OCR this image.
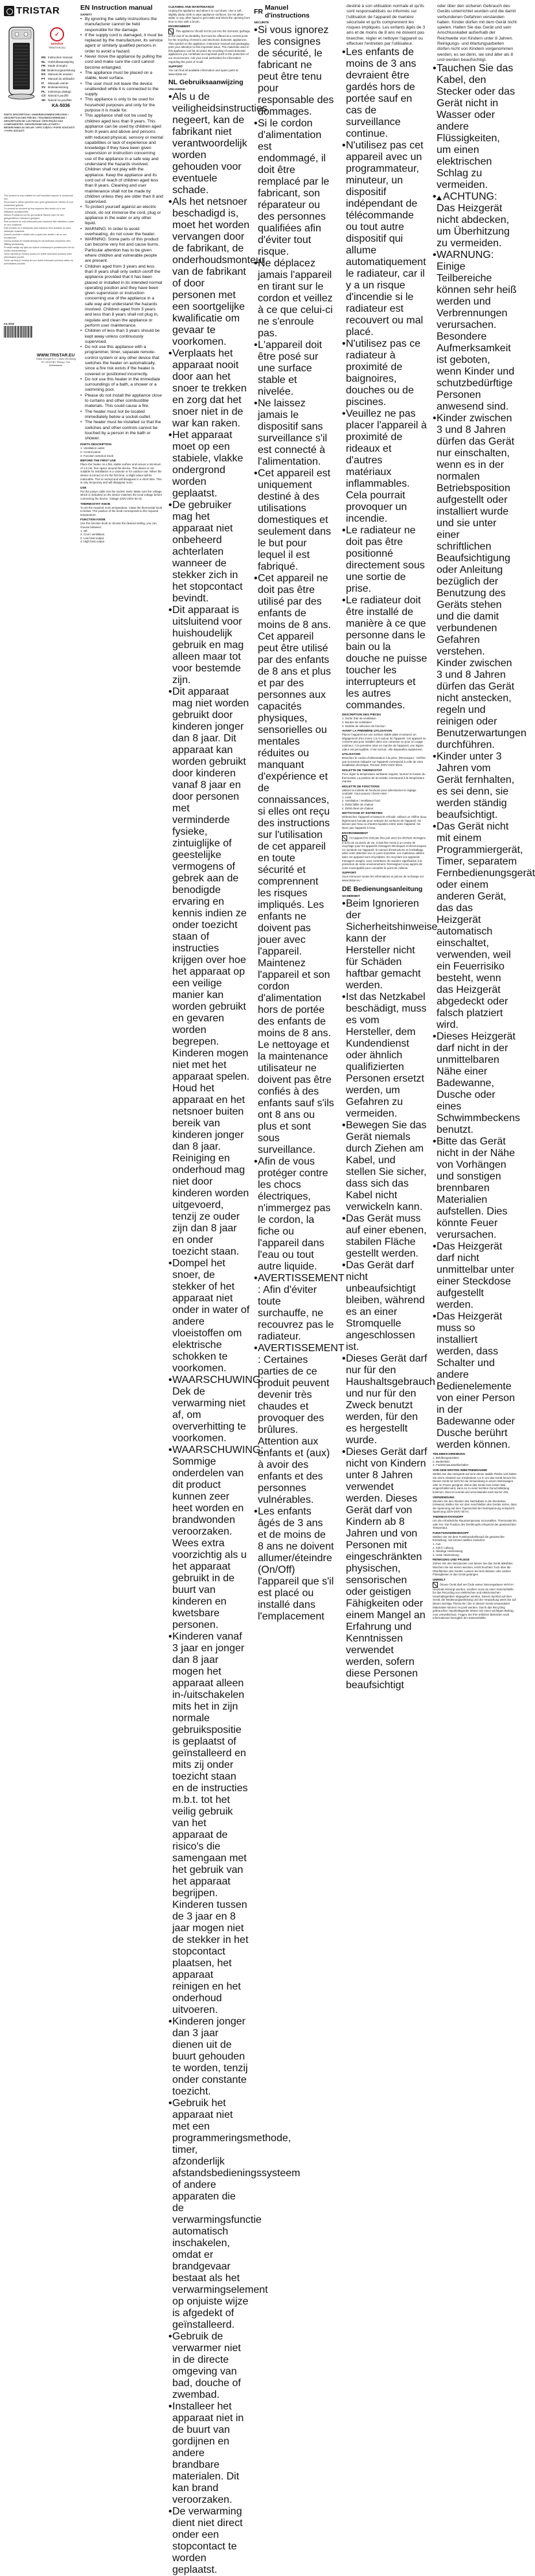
TRISTAR
✓
service
TRISTAR.EU
EN Instruction manual
NL Gebruiksaanwijzing
FR Mode d'emploi
DE Bedienungsanleitung
ES Manual de usuario
PT Manual do utilizador
IT	Manuale utente
SV Bruksanvisning
PL Instrukcja obsługi
CS Návod k použití
SK Návod na použitie
KA-5036
PARTS DESCRIPTION / ONDERDELENBESCHRIJVING / DESCRIPTION DES PIÈCES / TEILEBESCHREIBUNG / DESCRIPCIÓN DE LAS PIEZAS / DESCRIÇÃO DAS COMPONENTES / DESCRIZIONE DELLE PARTI / BESKRIVNING AV DELAR / OPIS CZĘŚCI / POPIS SOUČÁSTÍ / POPIS SÚČASTÍ
This product is only suitable for well insulated spaces or occasional use.
Dit product is alleen geschikt voor goed geïsoleerde ruimtes of voor incidenteel gebruik.
Ce produit ne convient qu'aux espaces bien isolés ou à une utilisation occasionnelle.
Dieses Produkt ist nur für gut isolierte Räume oder für den gelegentlichen Gebrauch geeignet.
Este producto es solo adecuado para espacios bien aislados o para un uso ocasional.
Este produto só é adequado para espaços bem isolados ou para utilização ocasional.
Questo prodotto è adatto solo a spazi ben isolati o ad un uso occasionale.
Denna produkt är endast lämplig för väl isolerade utrymmen eller tillfällig användning.
Produkt nadaje się tylko do dobrze izolowanych pomieszczeń lub do użytku okazjonalnego.
Tento výrobek je vhodný pouze pro dobře izolované prostory nebo příležitostné použití.
Tento výrobok je vhodný len pre dobre izolované priestory alebo na príležitostné použitie.
KA-5036
WWW.TRISTAR.EU
Tristar Europe B.V. | Jules Verneweg 87 | 5015 BH Tilburg | The Netherlands
EN Instruction manual
SAFETY
• By ignoring the safety instructions the manufacturer cannot be held responsible for the damage.
• If the supply cord is damaged, it must be replaced by the manufacturer, its service agent or similarly qualified persons in order to avoid a hazard.
• Never move the appliance by pulling the cord and make sure the cord cannot become entangled.
• The appliance must be placed on a stable, level surface.
• The user must not leave the device unattended while it is connected to the supply.
• This appliance is only to be used for household purposes and only for the purpose it is made for.
• This appliance shall not be used by children aged less than 8 years. This appliance can be used by children aged from 8 years and above and persons with reduced physical, sensory or mental capabilities or lack of experience and knowledge if they have been given supervision or instruction concerning use of the appliance in a safe way and understand the hazards involved. Children shall not play with the appliance. Keep the appliance and its cord out of reach of children aged less than 8 years. Cleaning and user maintenance shall not be made by children unless they are older than 8 and supervised.
• To protect yourself against an electric shock, do not immerse the cord, plug or appliance in the water or any other liquid.
• WARNING: In order to avoid overheating, do not cover the heater.
• WARNING: Some parts of this product can become very hot and cause burns. Particular attention has to be given where children and vulnerable people are present.
• Children aged from 3 years and less than 8 years shall only switch on/off the appliance provided that it has been placed or installed in its intended normal operating position and they have been given supervision or instruction concerning use of the appliance in a safe way and understand the hazards involved. Children aged from 3 years and less than 8 years shall not plug in, regulate and clean the appliance or perform user maintenance.
• Children of less than 3 years should be kept away unless continuously supervised.
• Do not use this appliance with a programmer, timer, separate remote-control system or any other device that switches the heater on automatically, since a fire risk exists if the heater is covered or positioned incorrectly.
• Do not use this heater in the immediate surroundings of a bath, a shower or a swimming pool.
• Please do not install the appliance close to curtains and other combustible materials. This could cause a fire.
• The heater must not be located immediately below a socket-outlet.
• The heater must be installed so that the switches and other controls cannot be touched by a person in the bath or shower.
PARTS DESCRIPTION
1. Ventilation outlet
2. Control panel
3. Function selection knob
BEFORE THE FIRST USE
Place the heater on a flat, stable surface and ensure a minimum of 1.5 mtr. free space around the device. This device is not suitable for installation in a caravan or for outdoor use. When the device is turned on for the first time, a slight odour will be noticeable. This is normal and will disappear in a short time. This is only temporary and will disappear soon.
USE
Put the power cable into the socket. Note: Make sure the voltage which is indicated on the device matches the local voltage before connecting the device. Voltage 220V-240V 50 Hz.
THERMOSTAT KNOB
To set the required room temperature, rotate the thermostat knob to below. The position of the knob corresponds to the required temperature.
FUNCTION KNOB
Use the function knob to choose the desired setting, you can choose between:
1. Off
2. Cool / ventilation
3. Low heat output
4. High heat output
CLEANING AND MAINTENANCE
Unplug the appliance and allow it to cool down. Use a soft, slightly damp cloth to wipe appliance surfaces. Do not allow water or any other liquid to get inside and block the opening from time to time with a brush.
ENVIRONMENT
This appliance should not be put into the domestic garbage at the end of its durability, but must be offered at a central point for the recycling of electric and electronic domestic appliances. This symbol on the appliance, instruction manual and packaging puts your attention to this important issue. The materials used in this appliance can be recycled. By recycling of used domestic appliances you contribute an important push to the protection of our environment. Ask your local authorities for information regarding the point of recall.
SUPPORT
You can find all available information and spare parts at www.tristar.eu!
NL Gebruiksaanwijzing
VEILIGHEID
• Als u de veiligheidsinstructies negeert, kan de fabrikant niet verantwoordelijk worden gehouden voor eventuele schade.
• Als het netsnoer beschadigd is, moet het worden vervangen door de fabrikant, de onderhoudsmonteur van de fabrikant of door personen met een soortgelijke kwalificatie om gevaar te voorkomen.
• Verplaats het apparaat nooit door aan het snoer te trekken en zorg dat het snoer niet in de war kan raken.
• Het apparaat moet op een stabiele, vlakke ondergrond worden geplaatst.
• De gebruiker mag het apparaat niet onbeheerd achterlaten wanneer de stekker zich in het stopcontact bevindt.
• Dit apparaat is uitsluitend voor huishoudelijk gebruik en mag alleen maar tot voor bestemde zijn.
• Dit apparaat mag niet worden gebruikt door kinderen jonger dan 8 jaar. Dit apparaat kan worden gebruikt door kinderen vanaf 8 jaar en door personen met verminderde fysieke, zintuiglijke of geestelijke vermogens of gebrek aan de benodigde ervaring en kennis indien ze onder toezicht staan of instructies krijgen over hoe het apparaat op een veilige manier kan worden gebruikt en gevaren worden begrepen. Kinderen mogen niet met het apparaat spelen. Houd het apparaat en het netsnoer buiten bereik van kinderen jonger dan 8 jaar. Reiniging en onderhoud mag niet door kinderen worden uitgevoerd, tenzij ze ouder zijn dan 8 jaar en onder toezicht staan.
• Dompel het snoer, de stekker of het apparaat niet onder in water of andere vloeistoffen om elektrische schokken te voorkomen.
• WAARSCHUWING: Dek de verwarming niet af, om oververhitting te voorkomen.
• WAARSCHUWING: Sommige onderdelen van dit product kunnen zeer heet worden en brandwonden veroorzaken. Wees extra voorzichtig als u het apparaat gebruikt in de buurt van kinderen en kwetsbare personen.
• Kinderen vanaf 3 jaar en jonger dan 8 jaar mogen het apparaat alleen in-/uitschakelen mits het in zijn normale gebruikspositie is geplaatst of geïnstalleerd en mits zij onder toezicht staan en de instructies m.b.t. tot het veilig gebruik van het apparaat de risico's die samengaan met het gebruik van het apparaat begrijpen. Kinderen tussen de 3 jaar en 8 jaar mogen niet de stekker in het stopcontact plaatsen, het apparaat reinigen en het onderhoud uitvoeren.
• Kinderen jonger dan 3 jaar dienen uit de buurt gehouden te worden, tenzij onder constante toezicht.
• Gebruik het apparaat niet met een programmeringsmethode, timer, afzonderlijk afstandsbedieningssysteem of andere apparaten die de verwarmingsfunctie automatisch inschakelen, omdat er brandgevaar bestaat als het verwarmingselement op onjuiste wijze is afgedekt of geïnstalleerd.
• Gebruik de verwarmer niet in de directe omgeving van bad, douche of zwembad.
• Installeer het apparaat niet in de buurt van gordijnen en andere brandbare materialen. Dit kan brand veroorzaken.
• De verwarming dient niet direct onder een stopcontact te worden geplaatst.
FR Manuel d'instructions
SÉCURITÉ
• Si vous ignorez les consignes de sécurité, le fabricant ne peut être tenu pour responsable des dommages.
• Si le cordon d'alimentation est endommagé, il doit être remplacé par le fabricant, son réparateur ou des personnes qualifiées afin d'éviter tout risque.
• Ne déplacez jamais l'appareil en tirant sur le cordon et veillez à ce que celui-ci ne s'enroule pas.
• L'appareil doit être posé sur une surface stable et nivelée.
• Ne laissez jamais le dispositif sans surveillance s'il est connecté à l'alimentation.
• Cet appareil est uniquement destiné à des utilisations domestiques et seulement dans le but pour lequel il est fabriqué.
• Cet appareil ne doit pas être utilisé par des enfants de moins de 8 ans. Cet appareil peut être utilisé par des enfants de 8 ans et plus et par des personnes aux capacités physiques, sensorielles ou mentales réduites ou manquant d'expérience et de connaissances, si elles ont reçu des instructions sur l'utilisation de cet appareil en toute sécurité et comprennent les risques impliqués. Les enfants ne doivent pas jouer avec l'appareil. Maintenez l'appareil et son cordon d'alimentation hors de portée des enfants de moins de 8 ans. Le nettoyage et la maintenance utilisateur ne doivent pas être confiés à des enfants sauf s'ils ont 8 ans ou plus et sont sous surveillance.
• Afin de vous protéger contre les chocs électriques, n'immergez pas le cordon, la fiche ou l'appareil dans l'eau ou tout autre liquide.
• AVERTISSEMENT : Afin d'éviter toute surchauffe, ne recouvrez pas le radiateur.
• AVERTISSEMENT : Certaines parties de ce produit peuvent devenir très chaudes et provoquer des brûlures. Attention aux enfants et (aux) à avoir des enfants et des personnes vulnérables.
• Les enfants âgés de 3 ans et de moins de 8 ans ne doivent allumer/éteindre (On/Off) l'appareil que s'il est placé ou installé dans l'emplacement
destiné à son utilisation normale et qu'ils sont responsabilisés ou informés sur l'utilisation de l'appareil de manière sécurisée et qu'ils comprennent les risques impliqués. Les enfants âgés de 3 ans et de moins de 8 ans ne doivent pas brancher, régler et nettoyer l'appareil ou effectuer l'entretien par l'utilisateur.
• Les enfants de moins de 3 ans devraient être gardés hors de portée sauf en cas de surveillance continue.
• N'utilisez pas cet appareil avec un programmateur, minuteur, un dispositif indépendant de télécommande ou tout autre dispositif qui allume automatiquement le radiateur, car il y a un risque d'incendie si le radiateur est recouvert ou mal placé.
• N'utilisez pas ce radiateur à proximité de baignoires, douches ou de piscines.
• Veuillez ne pas placer l'appareil à proximité de rideaux et d'autres matériaux inflammables. Cela pourrait provoquer un incendie.
• Le radiateur ne doit pas être positionné directement sous une sortie de prise.
• Le radiateur doit être installé de manière à ce que personne dans le bain ou la douche ne puisse toucher les interrupteurs et les autres commandes.
DESCRIPTION DES PIÈCES
1. Sortie d'air de ventilation
2. Bouton de ventilation
3. Molette de sélection de fonction
AVANT LA PREMIÈRE UTILISATION
Placez l'appareil sur une surface stable plate et assurez un dégagement d'au moins 1,5 m autour de l'appareil. Cet appareil ne convient pas pour installer dans une caravane ou pour un usage extérieur. À la première mise en marche de l'appareil, une légère odeur est perceptible. C'est normal ; elle disparaîtra rapidement.
UTILISATION
Branchez le cordon d'alimentation à la prise. (Remarque) : Vérifiez que la tension indiquée sur l'appareil correspond à celle de votre installation électrique. Tension 220V-240V 50Hz.
MOLETTE DE THERMOSTAT
Pour régler la température ambiante requise, tournez le bouton du thermostat. La position de la molette correspond à la température requise.
MOLETTE DE FONCTIONS
Utilisez la molette de fonctions pour sélectionner le réglage souhaité. Vous pouvez choisir entre :
1. Arrêt
2. Ventilation / ventilateur froid
3. Débit faible de chaleur
4. Débit élevé de chaleur
NETTOYAGE ET ENTRETIEN
Débranchez l'appareil et laissez-le refroidir. Utilisez un chiffon doux, légèrement humide pour nettoyer les surfaces de l'appareil. Ne laissez pas l'eau ou d'autres liquides entrer dans l'appareil. Ne lavez pas l'appareil à l'eau.
ENVIRONNEMENT
Cet appareil ne doit pas être jeté avec les déchets ménagers à la fin de sa durée de vie. Il doit être remis à un centre de recyclage pour les appareils ménagers électriques et électroniques. Ce symbole sur l'appareil, le manuel d'instructions et l'emballage attire votre attention sur ce point important. Les matériaux utilisés dans cet appareil sont recyclables. En recyclant vos appareils ménagers usagés, vous contribuez de manière significative à la protection de notre environnement. Renseignez-vous auprès de votre municipalité pour connaître le point de collecte.
SUPPORT
Vous retrouvez toutes les informations et pièces de rechange sur www.tristar.eu !
DE Bedienungsanleitung
SICHERHEIT
• Beim Ignorieren der Sicherheitshinweise kann der Hersteller nicht für Schäden haftbar gemacht werden.
• Ist das Netzkabel beschädigt, muss es vom Hersteller, dem Kundendienst oder ähnlich qualifizierten Personen ersetzt werden, um Gefahren zu vermeiden.
• Bewegen Sie das Gerät niemals durch Ziehen am Kabel, und stellen Sie sicher, dass sich das Kabel nicht verwickeln kann.
• Das Gerät muss auf einer ebenen, stabilen Fläche gestellt werden.
• Das Gerät darf nicht unbeaufsichtigt bleiben, während es an einer Stromquelle angeschlossen ist.
• Dieses Gerät darf nur für den Haushaltsgebrauch und nur für den Zweck benutzt werden, für den es hergestellt wurde.
• Dieses Gerät darf nicht von Kindern unter 8 Jahren verwendet werden. Dieses Gerät darf von Kindern ab 8 Jahren und von Personen mit eingeschränkten physischen, sensorischen oder geistigen Fähigkeiten oder einem Mangel an Erfahrung und Kenntnissen verwendet werden, sofern diese Personen beaufsichtigt
oder über den sicheren Gebrauch des Geräts unterrichtet wurden und die damit verbundenen Gefahren verstanden haben. Kinder dürfen mit dem Gerät nicht spielen. Halten Sie das Gerät und sein Anschlusskabel außerhalb der Reichweite von Kindern unter 8 Jahren. Reinigungs- und Wartungsarbeiten dürfen nicht von Kindern vorgenommen werden, es sei denn, sie sind älter als 8 und werden beaufsichtigt.
• Tauchen Sie das Kabel, den Stecker oder das Gerät nicht in Wasser oder andere Flüssigkeiten, um einen elektrischen Schlag zu vermeiden.
• ACHTUNG: Das Heizgerät nicht abdecken, um Überhitzung zu vermeiden.
• WARNUNG: Einige Teilbereiche können sehr heiß werden und Verbrennungen verursachen. Besondere Aufmerksamkeit ist geboten, wenn Kinder und schutzbedürftige Personen anwesend sind.
• Kinder zwischen 3 und 8 Jahren dürfen das Gerät nur einschalten, wenn es in der normalen Betriebsposition aufgestellt oder installiert wurde und sie unter einer schriftlichen Beaufsichtigung oder Anleitung bezüglich der Benutzung des Geräts stehen und die damit verbundenen Gefahren verstehen. Kinder zwischen 3 und 8 Jahren dürfen das Gerät nicht anstecken, regeln und reinigen oder Benutzerwartungen durchführen.
• Kinder unter 3 Jahren vom Gerät fernhalten, es sei denn, sie werden ständig beaufsichtigt.
• Das Gerät nicht mit einem Programmiergerät, Timer, separatem Fernbedienungsgerät oder einem anderen Gerät, das das Heizgerät automatisch einschaltet, verwenden, weil ein Feuerrisiko besteht, wenn das Heizgerät abgedeckt oder falsch platziert wird.
• Dieses Heizgerät darf nicht in der unmittelbaren Nähe einer Badewanne, Dusche oder eines Schwimmbeckens benutzt.
• Bitte das Gerät nicht in der Nähe von Vorhängen und sonstigen brennbaren Materialien aufstellen. Dies könnte Feuer verursachen.
• Das Heizgerät darf nicht unmittelbar unter einer Steckdose aufgestellt werden.
• Das Heizgerät muss so installiert werden, dass Schalter und andere Bedienelemente von einer Person in der Badewanne oder Dusche berührt werden können.
TEILEBESCHREIBUNG
1. Belüftungsauslass
2. Bedienfeld
3. Funktionsauswahlschalter
VOR DEM ERSTEN INBETRIEBNAHME
Stellen Sie das Heizgerät auf eine ebene stabile Fläche und halten Sie einen Abstand von mindestens 1,5 m um das Gerät herum frei. Dieses Gerät ist nicht für die Verwendung in einem Wohnwagen oder im Freien geeignet. Wenn das Gerät zum ersten Mal eingeschaltet wird, kann es zu einer leichten Geruchsbildung kommen. Dies ist normal und verschwindet nach kurzer Zeit.
VERWENDUNG
Stecken Sie den Stecker des Netzkabels in die Steckdose. (Hinweis) Stellen Sie vor dem Anschließen des Geräts sicher, dass die Spannung auf dem Typenschild der Netzspannung entspricht. Spannung 220V-240V 50 Hz.
THERMOSTATKNOPF
Um die erforderliche Raumtemperatur einzustellen, Thermostat hin oder her. Die Position des Drehknopfs entspricht der gewünschten Temperatur.
FUNKTIONSDREHKNOPF
Wählen Sie mit dem Funktionsdrehknopf die gewünschte Einstellung. Sie können wählen zwischen:
1. Aus
2. Kühl / Lüftung
3. Niedrige Heizleistung
4. Hohe Heizleistung
REINIGUNG UND PFLEGE
Ziehen Sie den Netzstecker und lassen Sie das Gerät abkühlen. Wischen Sie mit einem weichen, leicht feuchten Tuch über die Oberflächen des Geräts. Lassen Sie kein Wasser oder andere Flüssigkeiten in das Gerät gelangen.
UMWELT
Dieses Gerät darf am Ende seiner Nutzungsdauer nicht im Haushalt entsorgt werden, sondern muss an einer Sammelstelle für das Recycling von elektrischen und elektronischen Haushaltsgeräten abgegeben werden. Dieses Symbol auf dem Gerät, der Bedienungsanleitung und der Verpackung weist Sie auf dieses wichtige Thema hin. Die in diesem Gerät verwendeten Materialien können recycelt werden. Durch das Recycling gebrauchter Haushaltsgeräte leisten Sie einen wichtigen Beitrag zum Umweltschutz. Fragen Sie Ihre örtlichen Behörden nach Informationen bezüglich der Sammelstelle.
